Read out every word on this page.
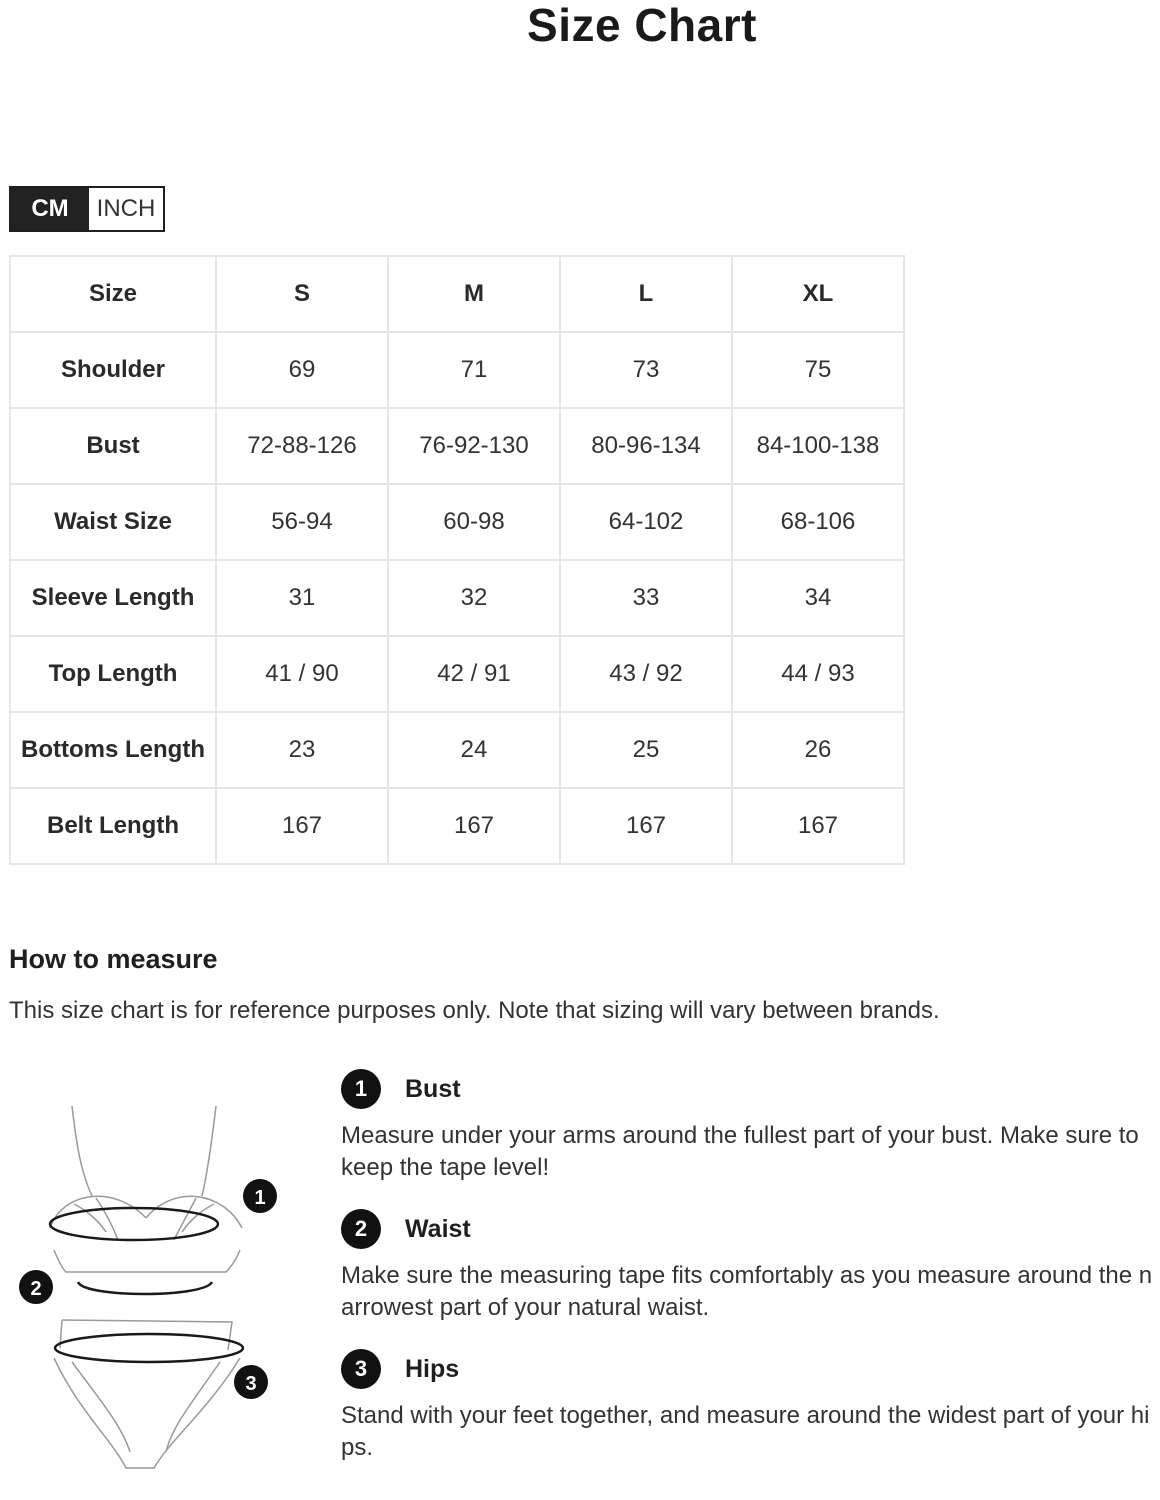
Size Chart
CM	INCH
Size	S	M	L	XL
Shoulder	69	71	73	75
Bust	72-88-126	76-92-130	80-96-134	84-100-138
Waist Size	56-94	60-98	64-102	68-106
Sleeve Length	31	32	33	34
Top Length	41 / 90	42 / 91	43 / 92	44 / 93
Bottoms Length	23	24	25	26
Belt Length	167	167	167	167
How to measure

This size chart is for reference purposes only. Note that sizing will vary between brands.

1
2
3
1	Bust
Measure under your arms around the fullest part of your bust. Make sure to keep the tape level!
2	Waist
Make sure the measuring tape fits comfortably as you measure around the narrowest part of your natural waist.
3	Hips
Stand with your feet together, and measure around the widest part of your hips.
